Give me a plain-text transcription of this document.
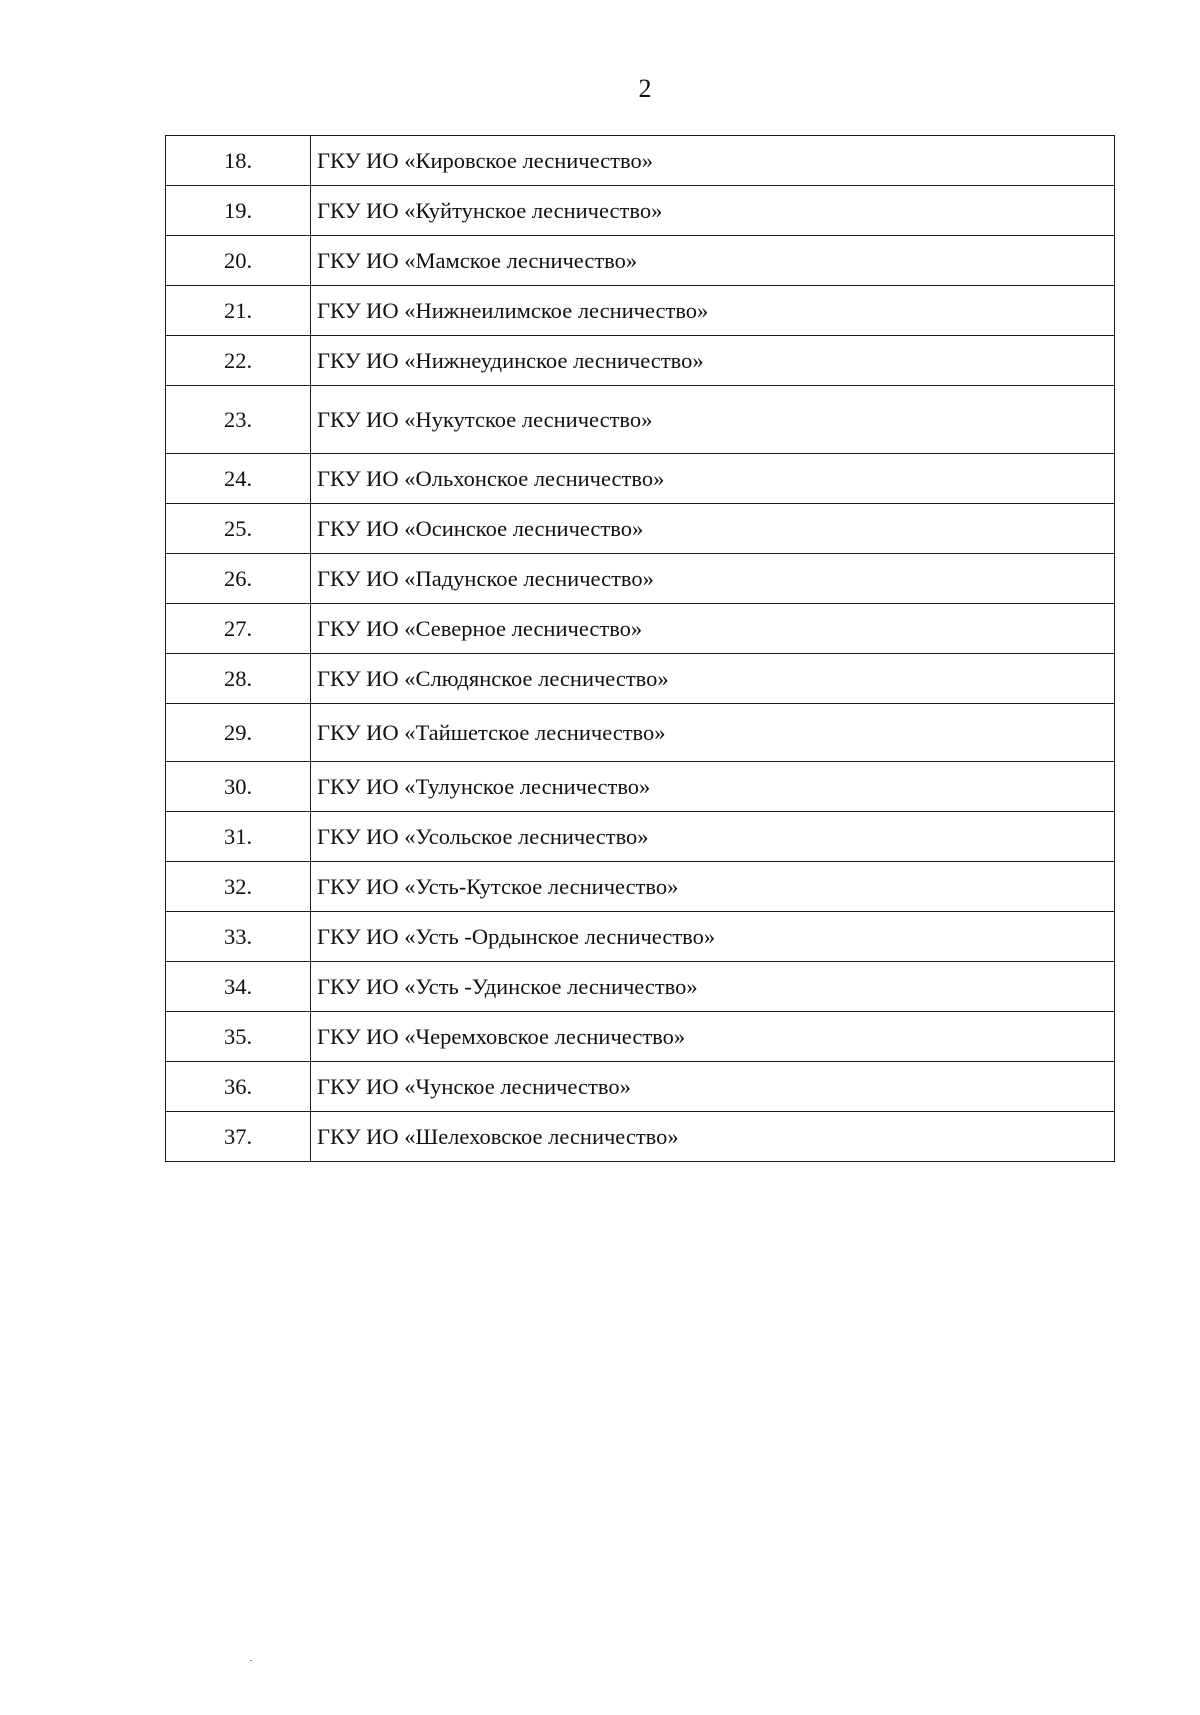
2
18.	ГКУ ИО «Кировское лесничество»
19.	ГКУ ИО «Куйтунское лесничество»
20.	ГКУ ИО «Мамское лесничество»
21.	ГКУ ИО «Нижнеилимское лесничество»
22.	ГКУ ИО «Нижнеудинское лесничество»
23.	ГКУ ИО «Нукутское лесничество»
24.	ГКУ ИО «Ольхонское лесничество»
25.	ГКУ ИО «Осинское лесничество»
26.	ГКУ ИО «Падунское лесничество»
27.	ГКУ ИО «Северное лесничество»
28.	ГКУ ИО «Слюдянское лесничество»
29.	ГКУ ИО «Тайшетское лесничество»
30.	ГКУ ИО «Тулунское лесничество»
31.	ГКУ ИО «Усольское лесничество»
32.	ГКУ ИО «Усть-Кутское лесничество»
33.	ГКУ ИО «Усть -Ордынское лесничество»
34.	ГКУ ИО «Усть -Удинское лесничество»
35.	ГКУ ИО «Черемховское лесничество»
36.	ГКУ ИО «Чунское лесничество»
37.	ГКУ ИО «Шелеховское лесничество»
